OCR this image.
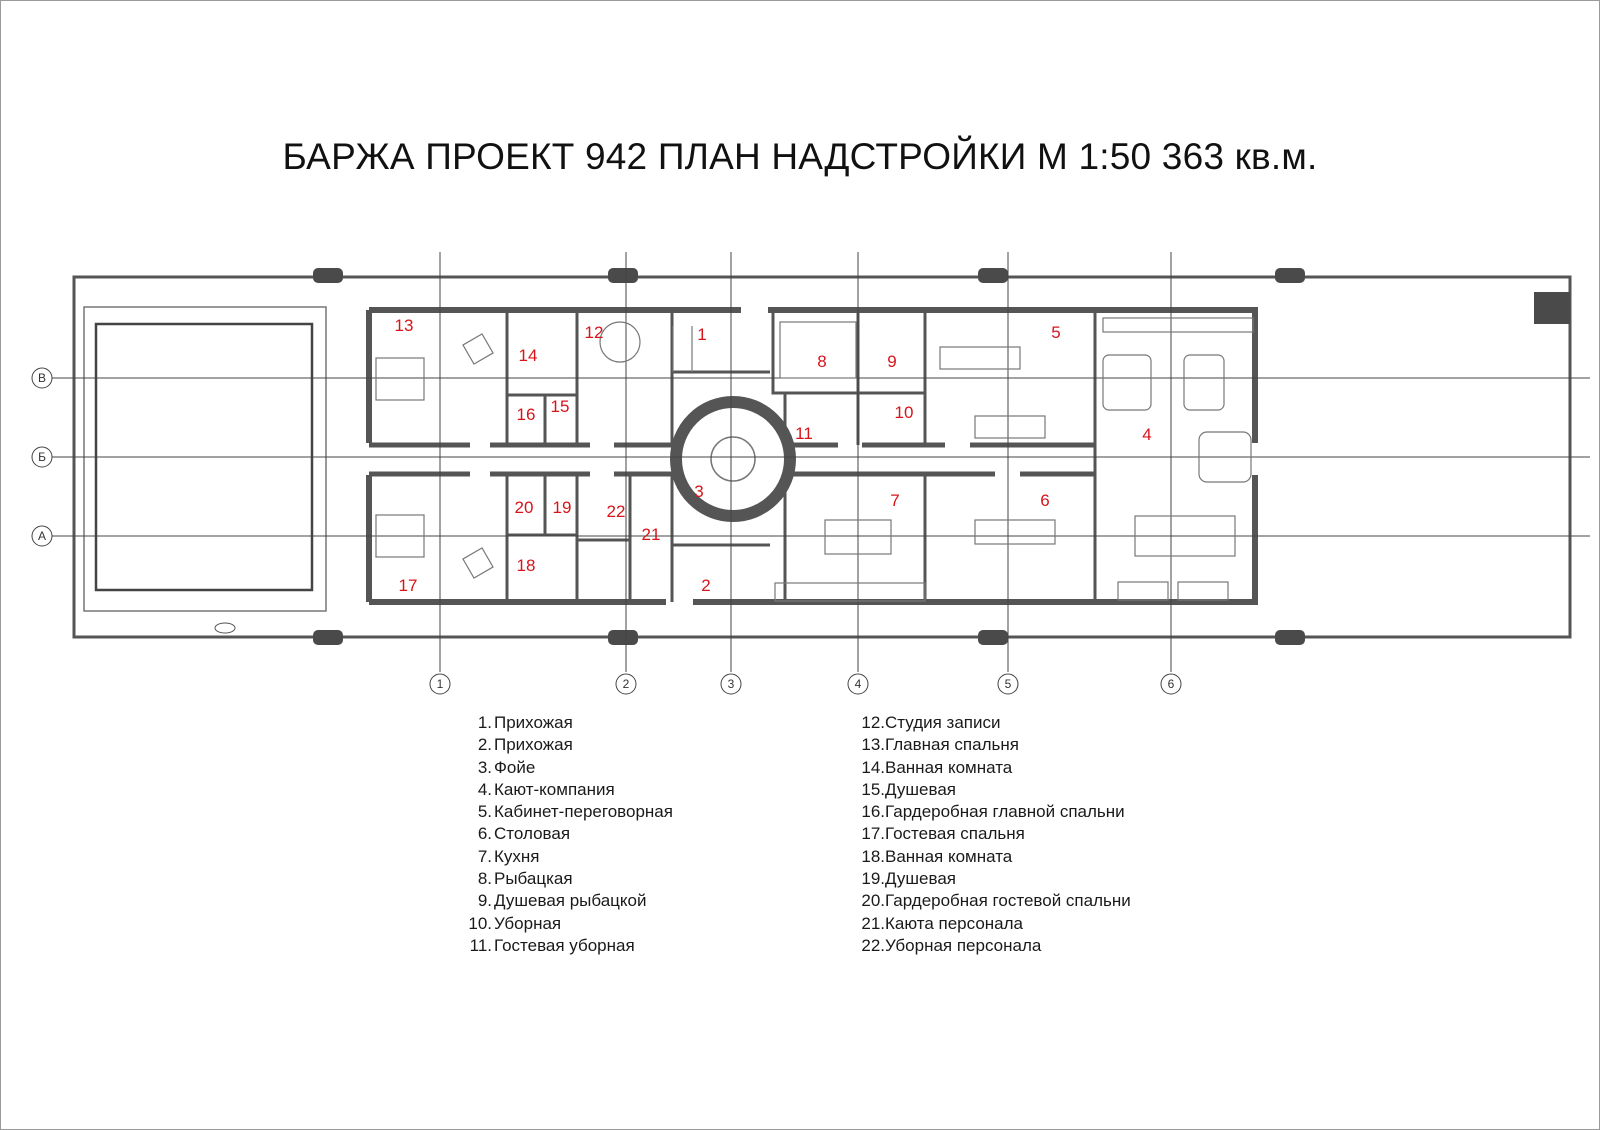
БАРЖА ПРОЕКТ 942 ПЛАН НАДСТРОЙКИ М 1:50 363 кв.м.
В
Б
А
1	2	3	4	5	6
1
2
3
4
5
6
7
8	9
10
11
12
13
14
15
16
17
18
19
20
21
22
1. Прихожая
2. Прихожая
3. Фойе
4. Кают-компания
5. Кабинет-переговорная
6. Столовая
7. Кухня
8. Рыбацкая
9. Душевая рыбацкой
10. Уборная
11. Гостевая уборная
12. Студия записи
13. Главная спальня
14. Ванная комната
15. Душевая
16. Гардеробная главной спальни
17. Гостевая спальня
18. Ванная комната
19. Душевая
20. Гардеробная гостевой спальни
21. Каюта персонала
22. Уборная персонала
